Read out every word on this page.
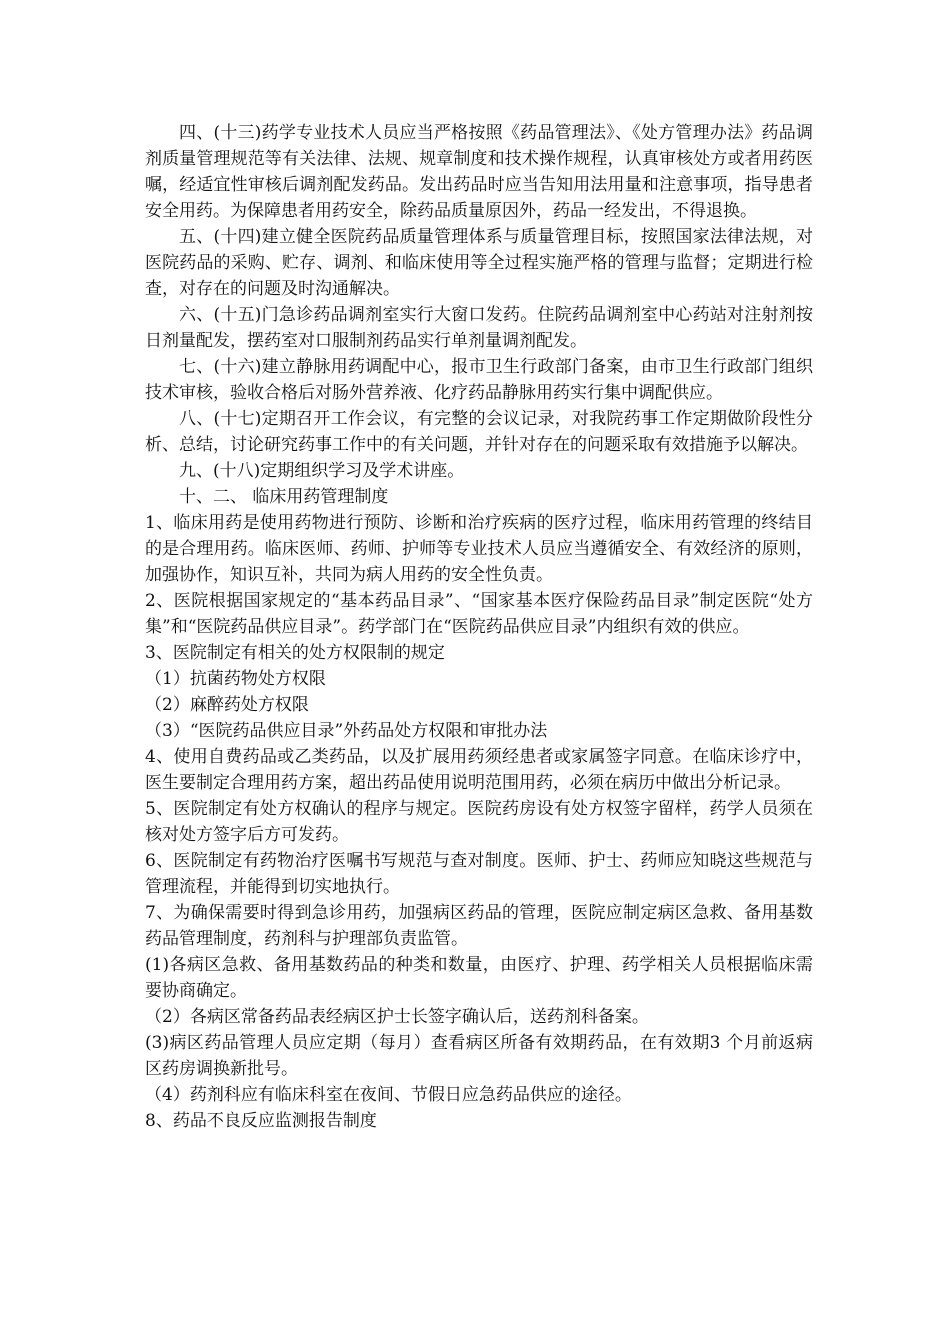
四、(十三)药学专业技术人员应当严格按照《药品管理法》、《处方管理办法》药品调剂质量管理规范等有关法律、法规、规章制度和技术操作规程，认真审核处方或者用药医嘱，经适宜性审核后调剂配发药品。发出药品时应当告知用法用量和注意事项，指导患者安全用药。为保障患者用药安全，除药品质量原因外，药品一经发出，不得退换。

五、(十四)建立健全医院药品质量管理体系与质量管理目标，按照国家法律法规，对医院药品的采购、贮存、调剂、和临床使用等全过程实施严格的管理与监督；定期进行检查，对存在的问题及时沟通解决。

六、(十五)门急诊药品调剂室实行大窗口发药。住院药品调剂室中心药站对注射剂按日剂量配发，摆药室对口服制剂药品实行单剂量调剂配发。

七、(十六)建立静脉用药调配中心，报市卫生行政部门备案，由市卫生行政部门组织技术审核，验收合格后对肠外营养液、化疗药品静脉用药实行集中调配供应。

八、(十七)定期召开工作会议，有完整的会议记录，对我院药事工作定期做阶段性分析、总结，讨论研究药事工作中的有关问题，并针对存在的问题采取有效措施予以解决。

九、(十八)定期组织学习及学术讲座。

十、二、 临床用药管理制度

1、临床用药是使用药物进行预防、诊断和治疗疾病的医疗过程，临床用药管理的终结目的是合理用药。临床医师、药师、护师等专业技术人员应当遵循安全、有效经济的原则，加强协作，知识互补，共同为病人用药的安全性负责。

2、医院根据国家规定的“基本药品目录”、“国家基本医疗保险药品目录”制定医院“处方集”和“医院药品供应目录”。药学部门在“医院药品供应目录”内组织有效的供应。

3、医院制定有相关的处方权限制的规定

（1）抗菌药物处方权限

（2）麻醉药处方权限

（3）“医院药品供应目录”外药品处方权限和审批办法

4、使用自费药品或乙类药品，以及扩展用药须经患者或家属签字同意。在临床诊疗中，医生要制定合理用药方案，超出药品使用说明范围用药，必须在病历中做出分析记录。

5、医院制定有处方权确认的程序与规定。医院药房设有处方权签字留样，药学人员须在核对处方签字后方可发药。

6、医院制定有药物治疗医嘱书写规范与查对制度。医师、护士、药师应知晓这些规范与管理流程，并能得到切实地执行。

7、为确保需要时得到急诊用药，加强病区药品的管理，医院应制定病区急救、备用基数药品管理制度，药剂科与护理部负责监管。

(1)各病区急救、备用基数药品的种类和数量，由医疗、护理、药学相关人员根据临床需要协商确定。

（2）各病区常备药品表经病区护士长签字确认后，送药剂科备案。

(3)病区药品管理人员应定期（每月）查看病区所备有效期药品，在有效期3 个月前返病区药房调换新批号。

（4）药剂科应有临床科室在夜间、节假日应急药品供应的途径。

8、药品不良反应监测报告制度
